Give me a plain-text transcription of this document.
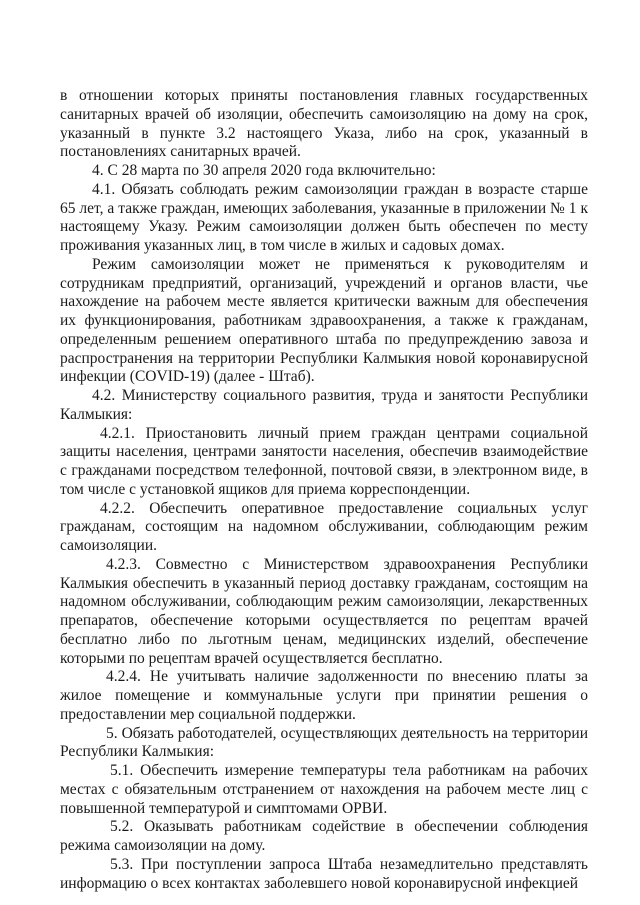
в отношении которых приняты постановления главных государственных санитарных врачей об изоляции, обеспечить самоизоляцию на дому на срок, указанный в пункте 3.2 настоящего Указа, либо на срок, указанный в постановлениях санитарных врачей.

4. С 28 марта по 30 апреля 2020 года включительно:

4.1. Обязать соблюдать режим самоизоляции граждан в возрасте старше 65 лет, а также граждан, имеющих заболевания, указанные в приложении № 1 к настоящему Указу. Режим самоизоляции должен быть обеспечен по месту проживания указанных лиц, в том числе в жилых и садовых домах.

Режим самоизоляции может не применяться к руководителям и сотрудникам предприятий, организаций, учреждений и органов власти, чье нахождение на рабочем месте является критически важным для обеспечения их функционирования, работникам здравоохранения, а также к гражданам, определенным решением оперативного штаба по предупреждению завоза и распространения на территории Республики Калмыкия новой коронавирусной инфекции (COVID-19) (далее - Штаб).

4.2. Министерству социального развития, труда и занятости Республики Калмыкия:

4.2.1. Приостановить личный прием граждан центрами социальной защиты населения, центрами занятости населения, обеспечив взаимодействие с гражданами посредством телефонной, почтовой связи, в электронном виде, в том числе с установкой ящиков для приема корреспонденции.

4.2.2. Обеспечить оперативное предоставление социальных услуг гражданам, состоящим на надомном обслуживании, соблюдающим режим самоизоляции.

4.2.3. Совместно с Министерством здравоохранения Республики Калмыкия обеспечить в указанный период доставку гражданам, состоящим на надомном обслуживании, соблюдающим режим самоизоляции, лекарственных препаратов, обеспечение которыми осуществляется по рецептам врачей бесплатно либо по льготным ценам, медицинских изделий, обеспечение которыми по рецептам врачей осуществляется бесплатно.

4.2.4. Не учитывать наличие задолженности по внесению платы за жилое помещение и коммунальные услуги при принятии решения о предоставлении мер социальной поддержки.

5. Обязать работодателей, осуществляющих деятельность на территории Республики Калмыкия:

5.1. Обеспечить измерение температуры тела работникам на рабочих местах с обязательным отстранением от нахождения на рабочем месте лиц с повышенной температурой и симптомами ОРВИ.

5.2. Оказывать работникам содействие в обеспечении соблюдения режима самоизоляции на дому.

5.3. При поступлении запроса Штаба незамедлительно представлять информацию о всех контактах заболевшего новой коронавирусной инфекцией
